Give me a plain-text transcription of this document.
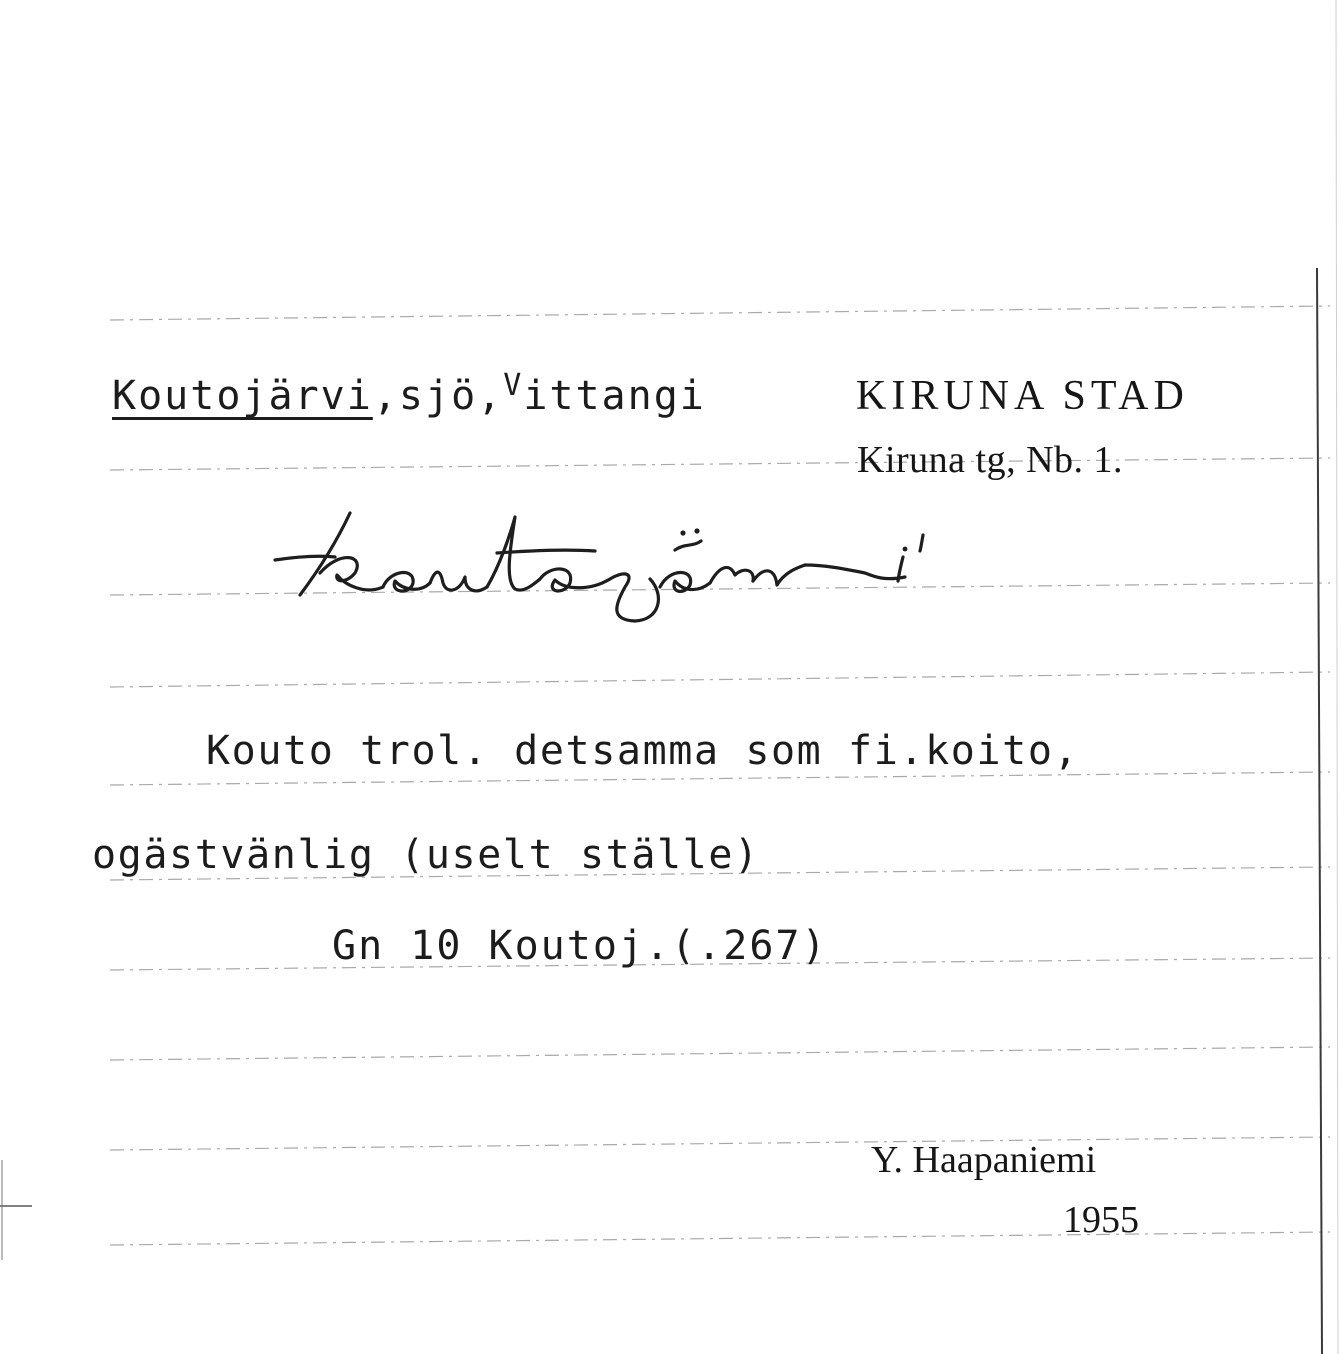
Koutojärvi,sjö,$^V$ittangi	KIRUNA STAD
Kiruna tg, Nb. 1.
Kouto trol. detsamma som fi.koito,
ogästvänlig (uselt ställe)
Gn 10 Koutoj.(.267)
Y. Haapaniemi
1955
